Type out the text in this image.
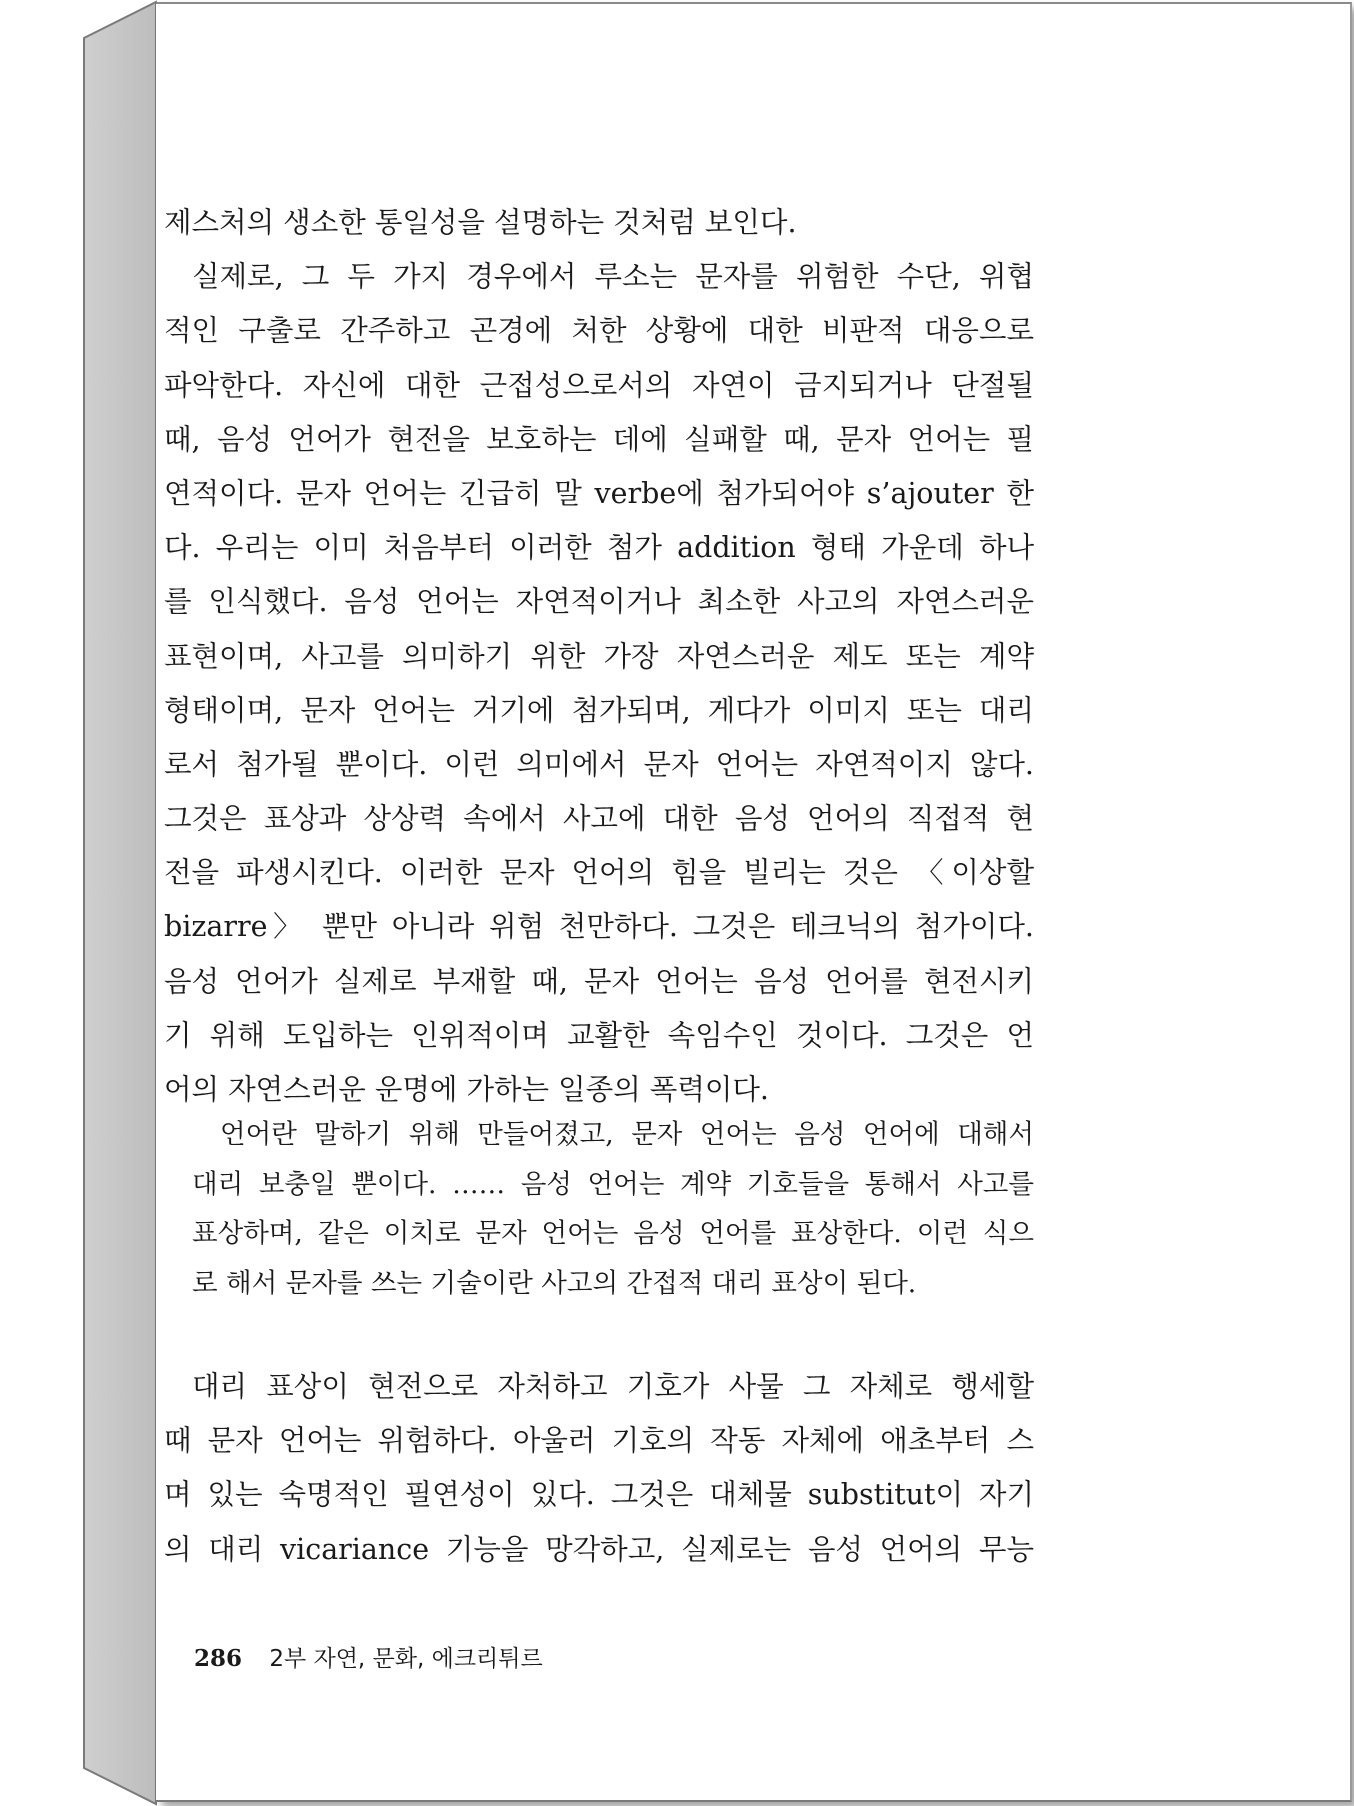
제스처의 생소한 통일성을 설명하는 것처럼 보인다.
실제로, 그 두 가지 경우에서 루소는 문자를 위험한 수단, 위협
적인 구출로 간주하고 곤경에 처한 상황에 대한 비판적 대응으로
파악한다. 자신에 대한 근접성으로서의 자연이 금지되거나 단절될
때, 음성 언어가 현전을 보호하는 데에 실패할 때, 문자 언어는 필
연적이다. 문자 언어는 긴급히 말 verbe에 첨가되어야 s’ajouter 한
다. 우리는 이미 처음부터 이러한 첨가 addition 형태 가운데 하나
를 인식했다. 음성 언어는 자연적이거나 최소한 사고의 자연스러운
표현이며, 사고를 의미하기 위한 가장 자연스러운 제도 또는 계약
형태이며, 문자 언어는 거기에 첨가되며, 게다가 이미지 또는 대리
로서 첨가될 뿐이다. 이런 의미에서 문자 언어는 자연적이지 않다.
그것은 표상과 상상력 속에서 사고에 대한 음성 언어의 직접적 현
전을 파생시킨다. 이러한 문자 언어의 힘을 빌리는 것은 〈이상할
bizarre〉 뿐만 아니라 위험 천만하다. 그것은 테크닉의 첨가이다.
음성 언어가 실제로 부재할 때, 문자 언어는 음성 언어를 현전시키
기 위해 도입하는 인위적이며 교활한 속임수인 것이다. 그것은 언
어의 자연스러운 운명에 가하는 일종의 폭력이다.
언어란 말하기 위해 만들어졌고, 문자 언어는 음성 언어에 대해서
대리 보충일 뿐이다. …… 음성 언어는 계약 기호들을 통해서 사고를
표상하며, 같은 이치로 문자 언어는 음성 언어를 표상한다. 이런 식으
로 해서 문자를 쓰는 기술이란 사고의 간접적 대리 표상이 된다.
대리 표상이 현전으로 자처하고 기호가 사물 그 자체로 행세할
때 문자 언어는 위험하다. 아울러 기호의 작동 자체에 애초부터 스
며 있는 숙명적인 필연성이 있다. 그것은 대체물 substitut이 자기
의 대리 vicariance 기능을 망각하고, 실제로는 음성 언어의 무능
286 2부 자연, 문화, 에크리튀르
